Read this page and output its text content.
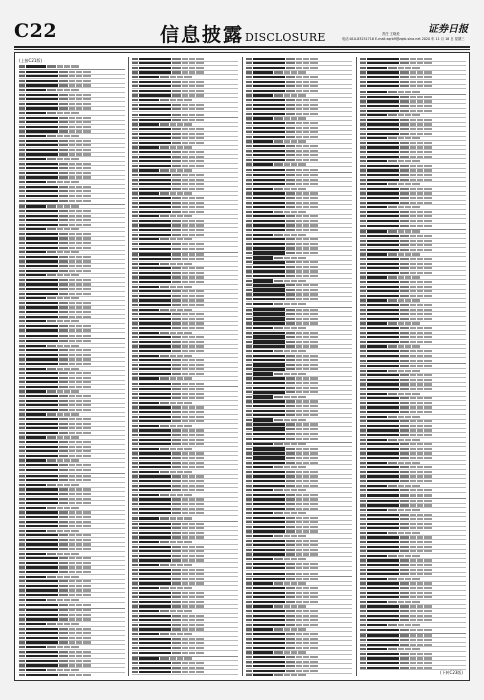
C22	信息披露DISCLOSURE	责任 王晓美
电话:010-83251716 E-mail:zqrb9@zqrb.sina.net 2020 年 11 月 18 日 星期三
证券日报
(上接C21版)
(下转C23版)
